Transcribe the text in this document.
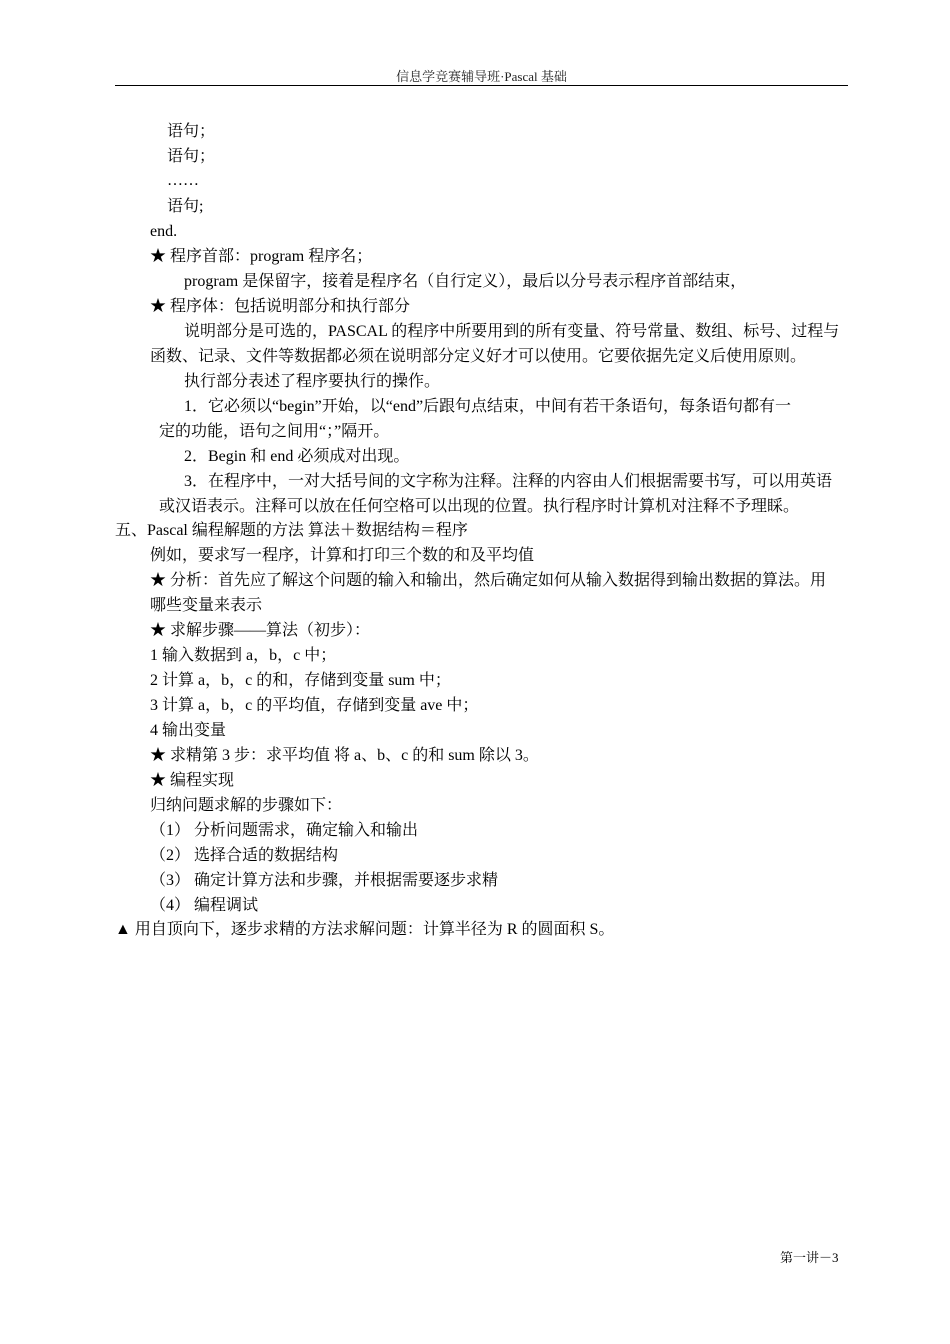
信息学竞赛辅导班·Pascal 基础
语句；
语句；
……
语句;
end.
★ 程序首部：program 程序名；
program 是保留字，接着是程序名（自行定义），最后以分号表示程序首部结束，
★ 程序体：包括说明部分和执行部分
说明部分是可选的，PASCAL 的程序中所要用到的所有变量、符号常量、数组、标号、过程与
函数、记录、文件等数据都必须在说明部分定义好才可以使用。它要依据先定义后使用原则。
执行部分表述了程序要执行的操作。
1．它必须以“begin”开始，以“end”后跟句点结束，中间有若干条语句，每条语句都有一
定的功能，语句之间用“；”隔开。
2．Begin 和 end 必须成对出现。
3．在程序中，一对大括号间的文字称为注释。注释的内容由人们根据需要书写，可以用英语
或汉语表示。注释可以放在任何空格可以出现的位置。执行程序时计算机对注释不予理睬。
五、Pascal 编程解题的方法 算法＋数据结构＝程序
例如，要求写一程序，计算和打印三个数的和及平均值
★ 分析：首先应了解这个问题的输入和输出，然后确定如何从输入数据得到输出数据的算法。用
哪些变量来表示
★ 求解步骤——算法（初步）：
1 输入数据到 a，b，c 中；
2 计算 a，b，c 的和，存储到变量 sum 中；
3 计算 a，b，c 的平均值，存储到变量 ave 中；
4 输出变量
★ 求精第 3 步：求平均值 将 a、b、c 的和 sum 除以 3。
★ 编程实现
归纳问题求解的步骤如下：
（1） 分析问题需求，确定输入和输出
（2） 选择合适的数据结构
（3） 确定计算方法和步骤，并根据需要逐步求精
（4） 编程调试
▲ 用自顶向下，逐步求精的方法求解问题：计算半径为 R 的圆面积 S。
第一讲－3
